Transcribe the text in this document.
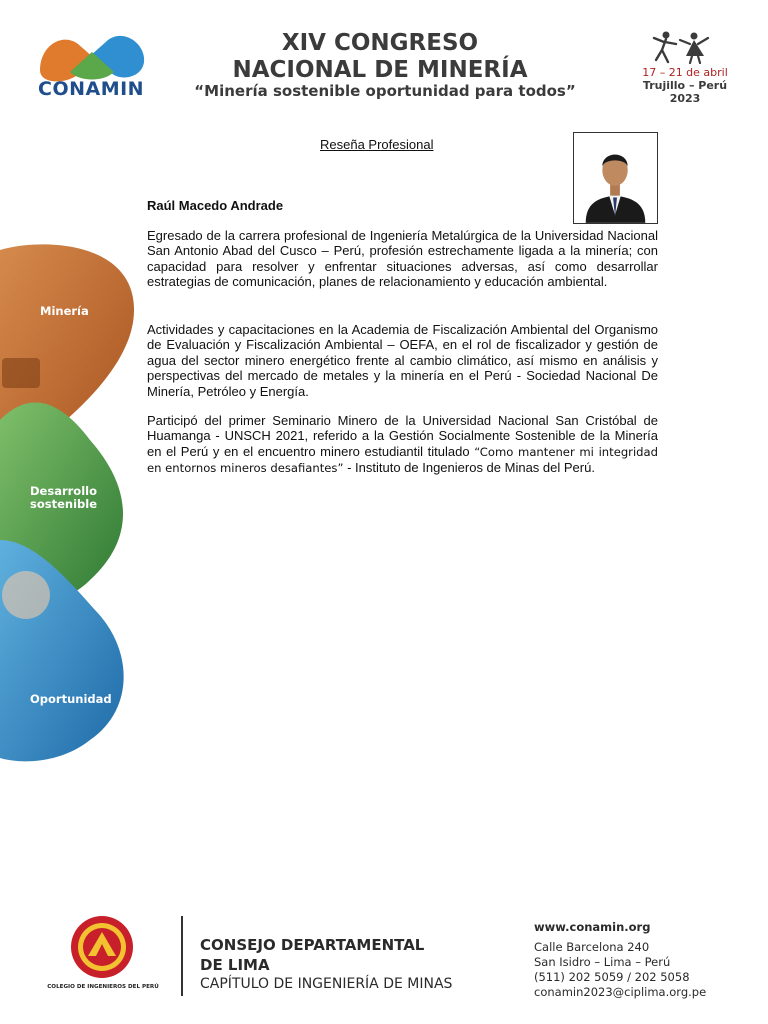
CONAMIN
XIV CONGRESO
NACIONAL DE MINERÍA
“Minería sostenible oportunidad para todos”
17 – 21 de abril
Trujillo – Perú
2023
Minería
Desarrollo
sostenible
Oportunidad
Reseña Profesional
Raúl Macedo Andrade

Egresado de la carrera profesional de Ingeniería Metalúrgica de la Universidad Nacional San Antonio Abad del Cusco – Perú, profesión estrechamente ligada a la minería; con capacidad para resolver y enfrentar situaciones adversas, así como desarrollar estrategias de comunicación, planes de relacionamiento y educación ambiental.

Actividades y capacitaciones en la Academia de Fiscalización Ambiental del Organismo de Evaluación y Fiscalización Ambiental – OEFA, en el rol de fiscalizador y gestión de agua del sector minero energético frente al cambio climático, así mismo en análisis y perspectivas del mercado de metales y la minería en el Perú - Sociedad Nacional De Minería, Petróleo y Energía.

Participó del primer Seminario Minero de la Universidad Nacional San Cristóbal de Huamanga - UNSCH 2021, referido a la Gestión Socialmente Sostenible de la Minería en el Perú y en el encuentro minero estudiantil titulado “Como mantener mi integridad en entornos mineros desafiantes” - Instituto de Ingenieros de Minas del Perú.

COLEGIO DE INGENIEROS DEL PERÚ
CONSEJO DEPARTAMENTAL
DE LIMA
CAPÍTULO DE INGENIERÍA DE MINAS
www.conamin.org
Calle Barcelona 240
San Isidro – Lima – Perú
(511) 202 5059 / 202 5058
conamin2023@ciplima.org.pe
